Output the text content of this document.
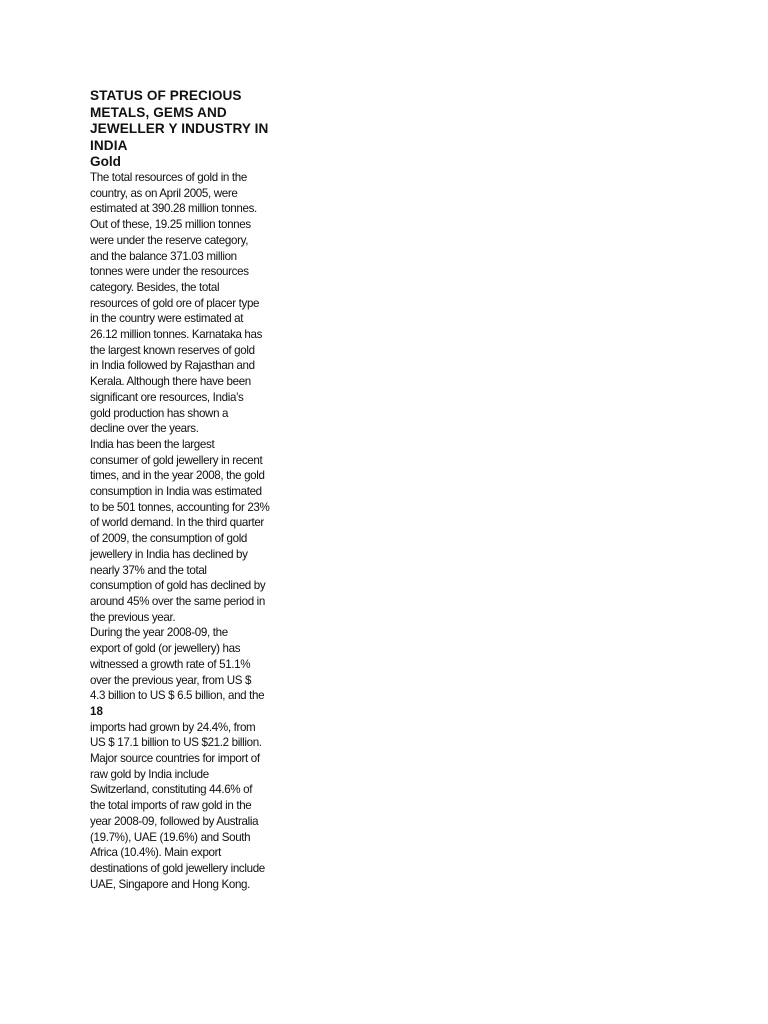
STATUS OF PRECIOUS
METALS, GEMS AND
JEWELLER Y INDUSTRY IN
INDIA
Gold
The total resources of gold in the
country, as on April 2005, were
estimated at 390.28 million tonnes.
Out of these, 19.25 million tonnes
were under the reserve category,
and the balance 371.03 million
tonnes were under the resources
category. Besides, the total
resources of gold ore of placer type
in the country were estimated at
26.12 million tonnes. Karnataka has
the largest known reserves of gold
in India followed by Rajasthan and
Kerala. Although there have been
significant ore resources, India’s
gold production has shown a
decline over the years.
India has been the largest
consumer of gold jewellery in recent
times, and in the year 2008, the gold
consumption in India was estimated
to be 501 tonnes, accounting for 23%
of world demand. In the third quarter
of 2009, the consumption of gold
jewellery in India has declined by
nearly 37% and the total
consumption of gold has declined by
around 45% over the same period in
the previous year.
During the year 2008-09, the
export of gold (or jewellery) has
witnessed a growth rate of 51.1%
over the previous year, from US $
4.3 billion to US $ 6.5 billion, and the
18
imports had grown by 24.4%, from
US $ 17.1 billion to US $21.2 billion.
Major source countries for import of
raw gold by India include
Switzerland, constituting 44.6% of
the total imports of raw gold in the
year 2008-09, followed by Australia
(19.7%), UAE (19.6%) and South
Africa (10.4%). Main export
destinations of gold jewellery include
UAE, Singapore and Hong Kong.
